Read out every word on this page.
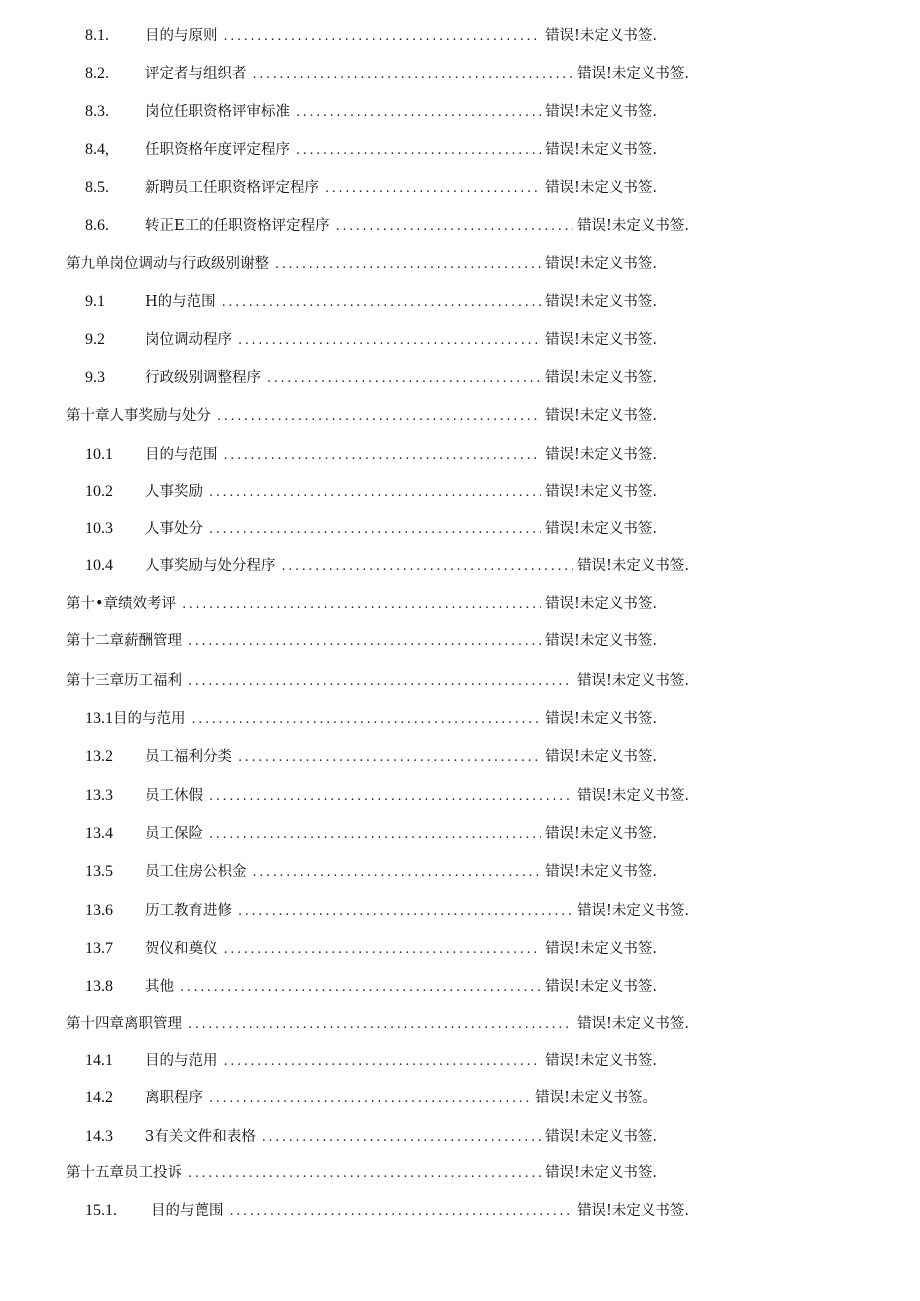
8.1.	目的与原则 .....	错误!未定义书签.
8.2.	评定者与组织者 .....	错误!未定义书签.
8.3.	岗位任职资格评审标准 .....	错误!未定义书签.
8.4,	任职资格年度评定程序 .....	错误!未定义书签.
8.5.	新聘员工任职资格评定程序 .....	错误!未定义书签.
8.6.	转正E工的任职资格评定程序 .....	错误!未定义书签.
第九单岗位调动与行政级别谢整 .....	错误!未定义书签.
9.1	H的与范围 .....	错误!未定义书签.
9.2	岗位调动程序 .....	错误!未定义书签.
9.3	行政级别调整程序 .....	错误!未定义书签.
第十章人事奖励与处分 .....	错误!未定义书签.
10.1	目的与范围 .....	错误!未定义书签.
10.2	人事奖励 .....	错误!未定义书签.
10.3	人事处分 .....	错误!未定义书签.
10.4	人事奖励与处分程序 .....	错误!未定义书签.
第十•章绩效考评 .....	错误!未定义书签.
第十二章薪酬管理 .....	错误!未定义书签.
第十三章历工福利 .....	错误!未定义书签.
13.1 目的与范用 .....	错误!未定义书签.
13.2	员工福利分类 .....	错误!未定义书签.
13.3	员工休假 .....	错误!未定义书签.
13.4	员工保险 .....	错误!未定义书签.
13.5	员工住房公枳金 .....	错误!未定义书签.
13.6	历工教育进修 .....	错误!未定义书签.
13.7	贺仪和奠仪 .....	错误!未定义书签.
13.8	其他 .....	错误!未定义书签.
第十四章离职管理 .....	错误!未定义书签.
14.1	目的与范用 .....	错误!未定义书签.
14.2	离职程序 .....	错误!未定义书签。
14.3	3有关文件和表格 .....	错误!未定义书签.
第十五章员工投诉 .....	错误!未定义书签.
15.1.	目的与蓖围 .....	错误!未定义书签.
